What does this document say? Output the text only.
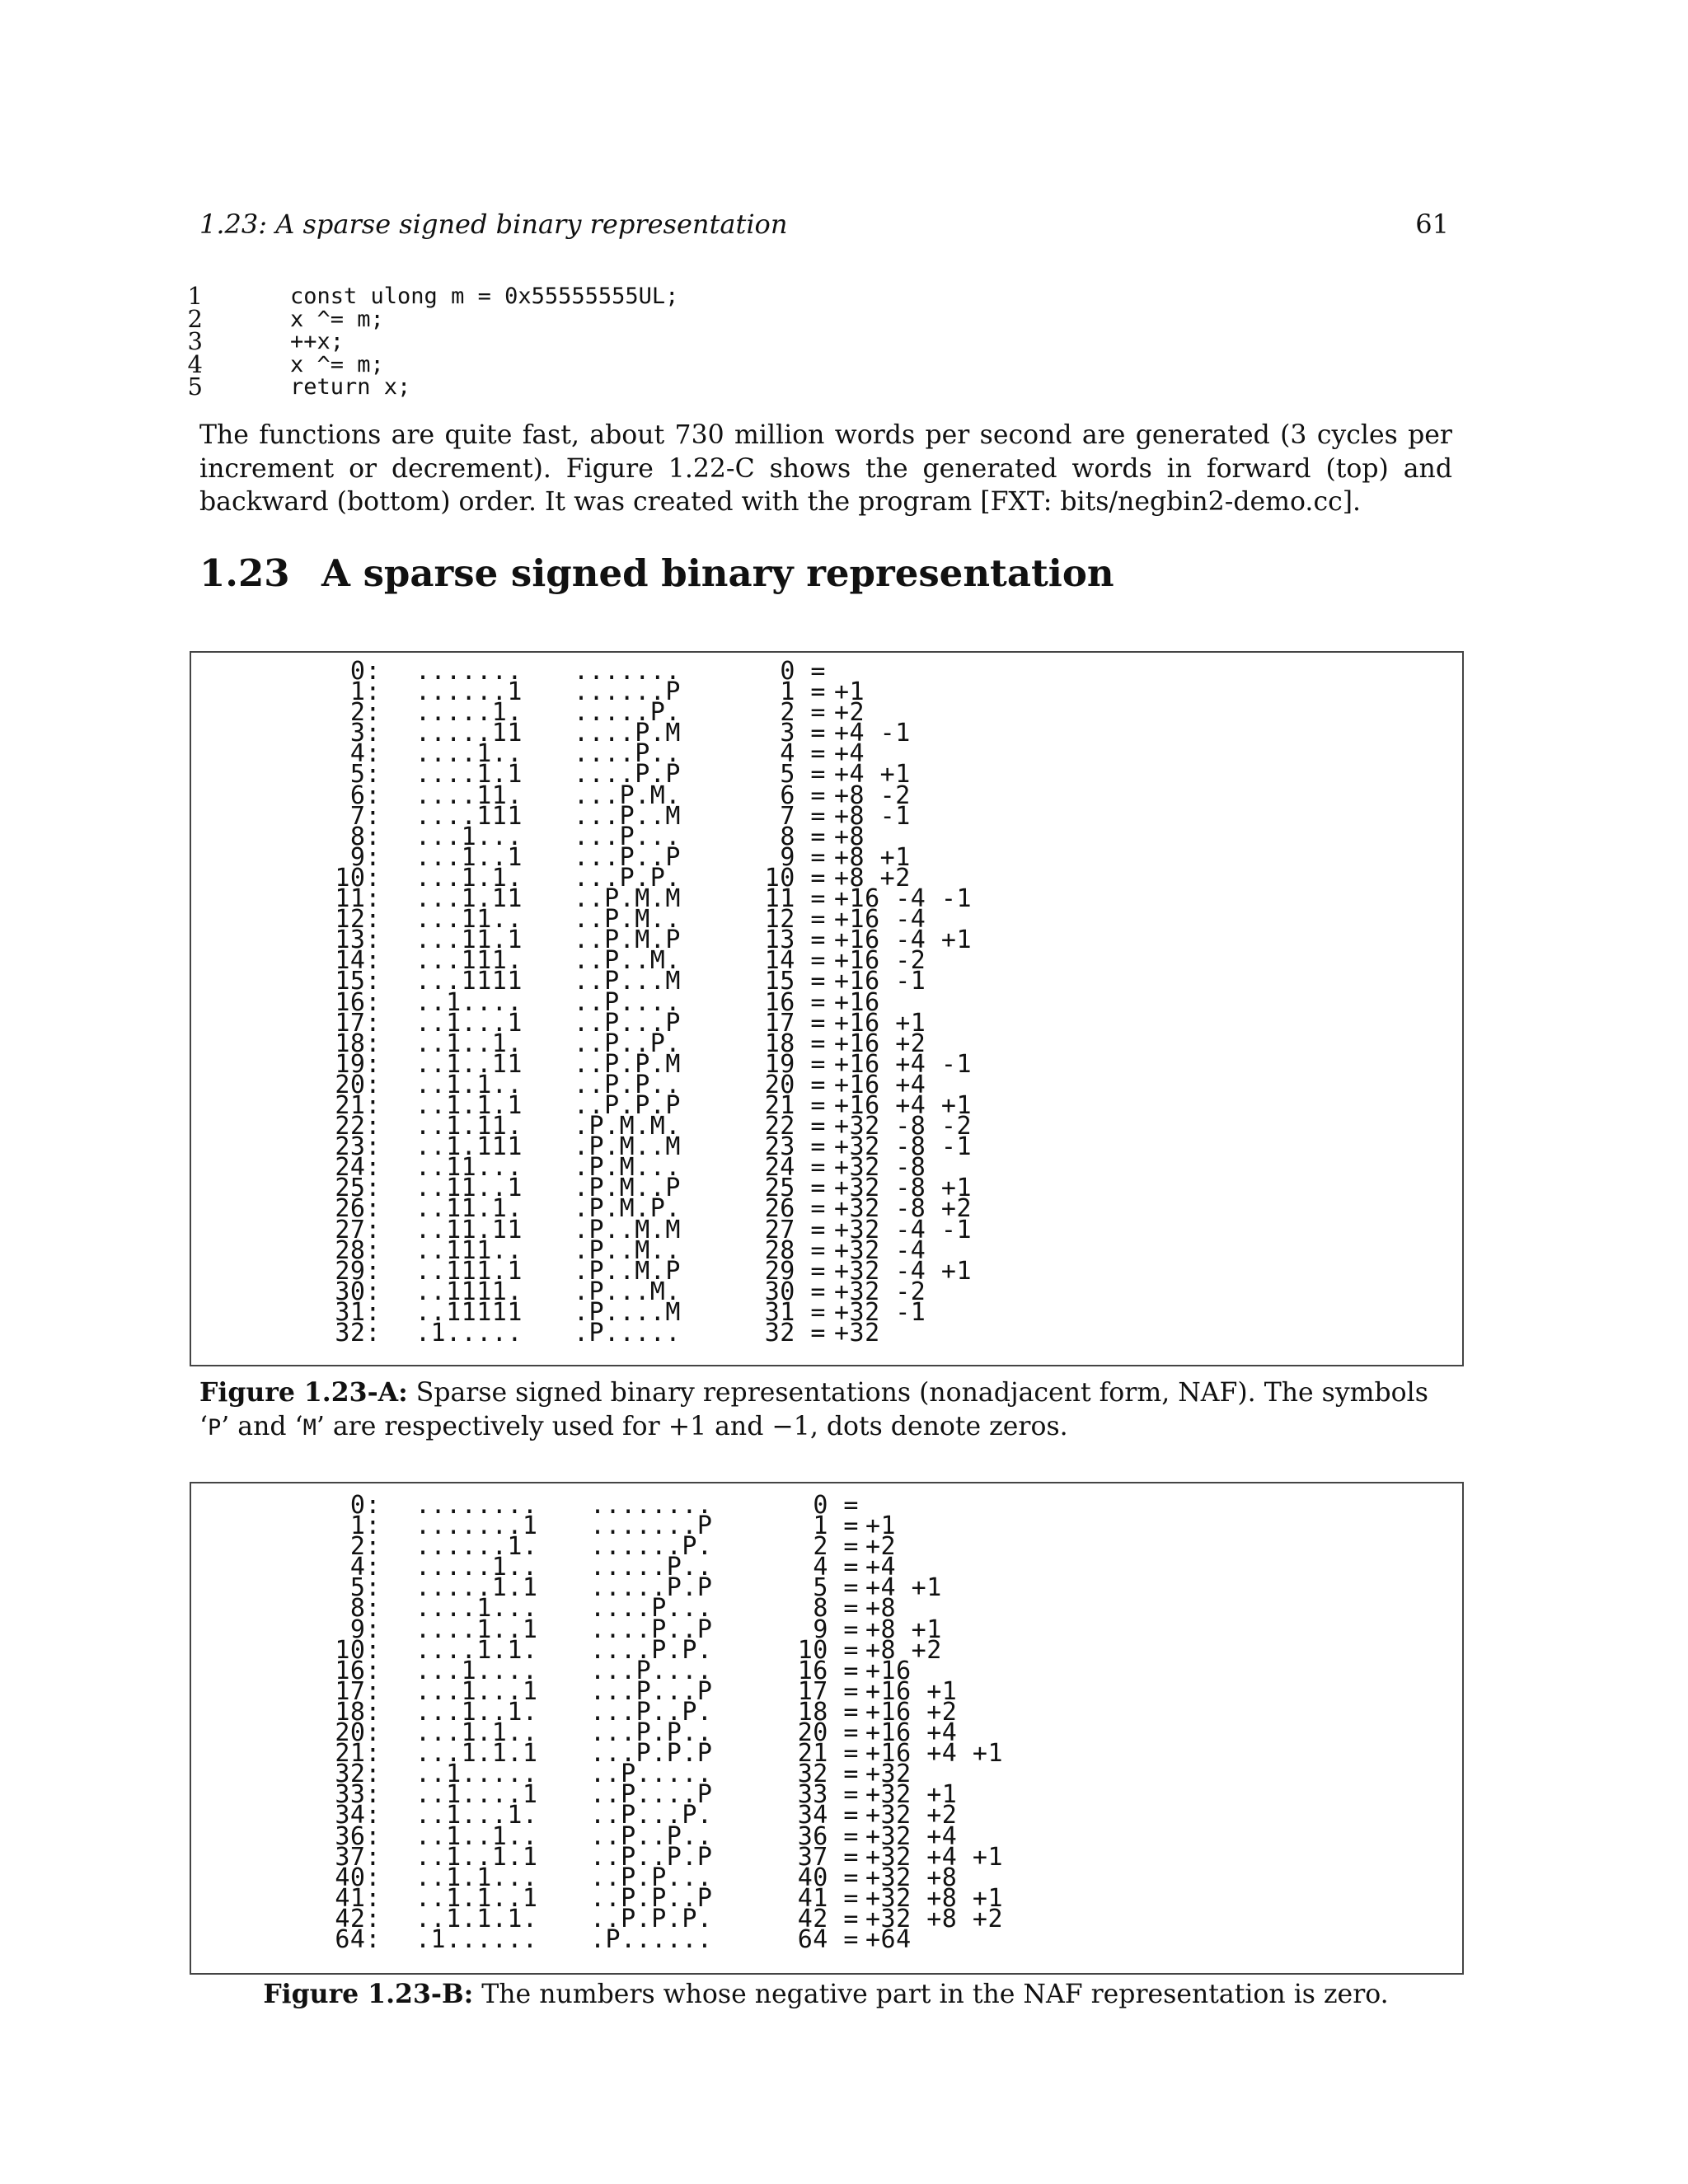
1.23: A sparse signed binary representation	61
1	const ulong m = 0x55555555UL;
2	x ^= m;
3	++x;
4	x ^= m;
5	return x;

The functions are quite fast, about 730 million words per second are generated (3 cycles per increment or decrement). Figure 1.22-C shows the generated words in forward (top) and backward (bottom) order. It was created with the program [FXT: bits/negbin2-demo.cc].

1.23 A sparse signed binary representation
0: ....... .......	0 =
1: ......1 ......P	1 = +1
2: .....1. .....P.	2 = +2
3: .....11 ....P.M	3 = +4 -1
4: ....1.. ....P..	4 = +4
5: ....1.1 ....P.P	5 = +4 +1
6: ....11. ...P.M.	6 = +8 -2
7: ....111 ...P..M	7 = +8 -1
8: ...1... ...P...	8 = +8
9: ...1..1 ...P..P	9 = +8 +1
10: ...1.1. ...P.P.	10 = +8 +2
11: ...1.11 ..P.M.M	11 = +16 -4 -1
12: ...11.. ..P.M..	12 = +16 -4
13: ...11.1 ..P.M.P	13 = +16 -4 +1
14: ...111. ..P..M.	14 = +16 -2
15: ...1111 ..P...M	15 = +16 -1
16: ..1.... ..P....	16 = +16
17: ..1...1 ..P...P	17 = +16 +1
18: ..1..1. ..P..P.	18 = +16 +2
19: ..1..11 ..P.P.M	19 = +16 +4 -1
20: ..1.1.. ..P.P..	20 = +16 +4
21: ..1.1.1 ..P.P.P	21 = +16 +4 +1
22: ..1.11. .P.M.M.	22 = +32 -8 -2
23: ..1.111 .P.M..M	23 = +32 -8 -1
24: ..11... .P.M...	24 = +32 -8
25: ..11..1 .P.M..P	25 = +32 -8 +1
26: ..11.1. .P.M.P.	26 = +32 -8 +2
27: ..11.11 .P..M.M	27 = +32 -4 -1
28: ..111.. .P..M..	28 = +32 -4
29: ..111.1 .P..M.P	29 = +32 -4 +1
30: ..1111. .P...M.	30 = +32 -2
31: ..11111 .P....M	31 = +32 -1
32: .1..... .P.....	32 = +32
Figure 1.23-A: Sparse signed binary representations (nonadjacent form, NAF). The symbols ‘P’ and ‘M’ are respectively used for +1 and −1, dots denote zeros.
0: ........ ........	0 =
1: .......1 .......P	1 = +1
2: ......1. ......P.	2 = +2
4: .....1.. .....P..	4 = +4
5: .....1.1 .....P.P	5 = +4 +1
8: ....1... ....P...	8 = +8
9: ....1..1 ....P..P	9 = +8 +1
10: ....1.1. ....P.P.	10 = +8 +2
16: ...1.... ...P....	16 = +16
17: ...1...1 ...P...P	17 = +16 +1
18: ...1..1. ...P..P.	18 = +16 +2
20: ...1.1.. ...P.P..	20 = +16 +4
21: ...1.1.1 ...P.P.P	21 = +16 +4 +1
32: ..1..... ..P.....	32 = +32
33: ..1....1 ..P....P	33 = +32 +1
34: ..1...1. ..P...P.	34 = +32 +2
36: ..1..1.. ..P..P..	36 = +32 +4
37: ..1..1.1 ..P..P.P	37 = +32 +4 +1
40: ..1.1... ..P.P...	40 = +32 +8
41: ..1.1..1 ..P.P..P	41 = +32 +8 +1
42: ..1.1.1. ..P.P.P.	42 = +32 +8 +2
64: .1...... .P......	64 = +64
Figure 1.23-B: The numbers whose negative part in the NAF representation is zero.
